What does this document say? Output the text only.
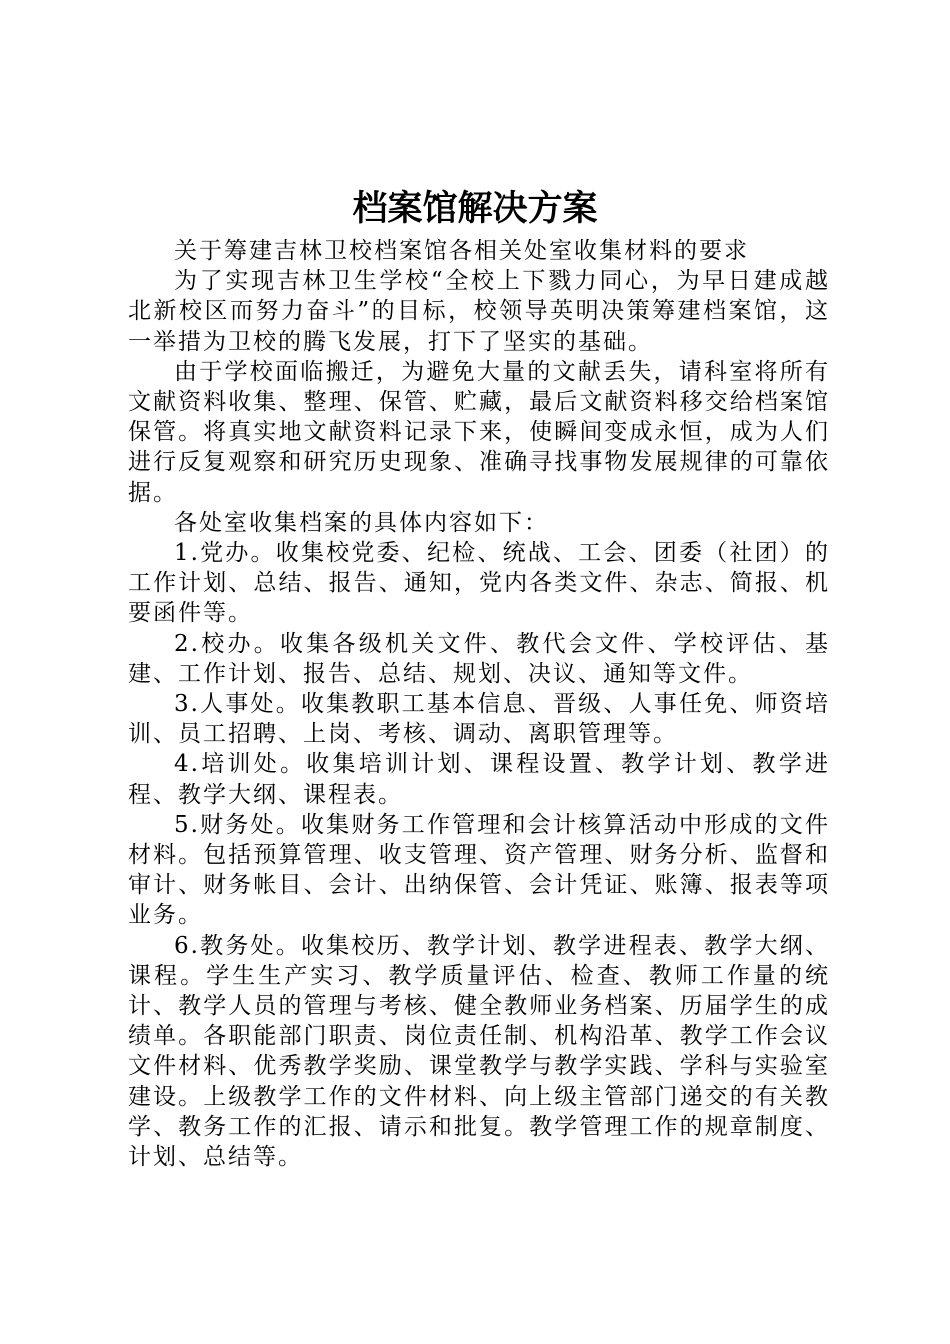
档案馆解决方案

关于筹建吉林卫校档案馆各相关处室收集材料的要求

为了实现吉林卫生学校“全校上下戮力同心，为早日建成越北新校区而努力奋斗”的目标，校领导英明决策筹建档案馆，这一举措为卫校的腾飞发展，打下了坚实的基础。

由于学校面临搬迁，为避免大量的文献丢失，请科室将所有文献资料收集、整理、保管、贮藏，最后文献资料移交给档案馆保管。将真实地文献资料记录下来，使瞬间变成永恒，成为人们进行反复观察和研究历史现象、准确寻找事物发展规律的可靠依据。

各处室收集档案的具体内容如下：

1.党办。收集校党委、纪检、统战、工会、团委（社团）的工作计划、总结、报告、通知，党内各类文件、杂志、简报、机要函件等。

2.校办。收集各级机关文件、教代会文件、学校评估、基建、工作计划、报告、总结、规划、决议、通知等文件。

3.人事处。收集教职工基本信息、晋级、人事任免、师资培训、员工招聘、上岗、考核、调动、离职管理等。

4.培训处。收集培训计划、课程设置、教学计划、教学进程、教学大纲、课程表。

5.财务处。收集财务工作管理和会计核算活动中形成的文件材料。包括预算管理、收支管理、资产管理、财务分析、监督和审计、财务帐目、会计、出纳保管、会计凭证、账簿、报表等项业务。

6.教务处。收集校历、教学计划、教学进程表、教学大纲、课程。学生生产实习、教学质量评估、检查、教师工作量的统计、教学人员的管理与考核、健全教师业务档案、历届学生的成绩单。各职能部门职责、岗位责任制、机构沿革、教学工作会议文件材料、优秀教学奖励、课堂教学与教学实践、学科与实验室建设。上级教学工作的文件材料、向上级主管部门递交的有关教学、教务工作的汇报、请示和批复。教学管理工作的规章制度、计划、总结等。
